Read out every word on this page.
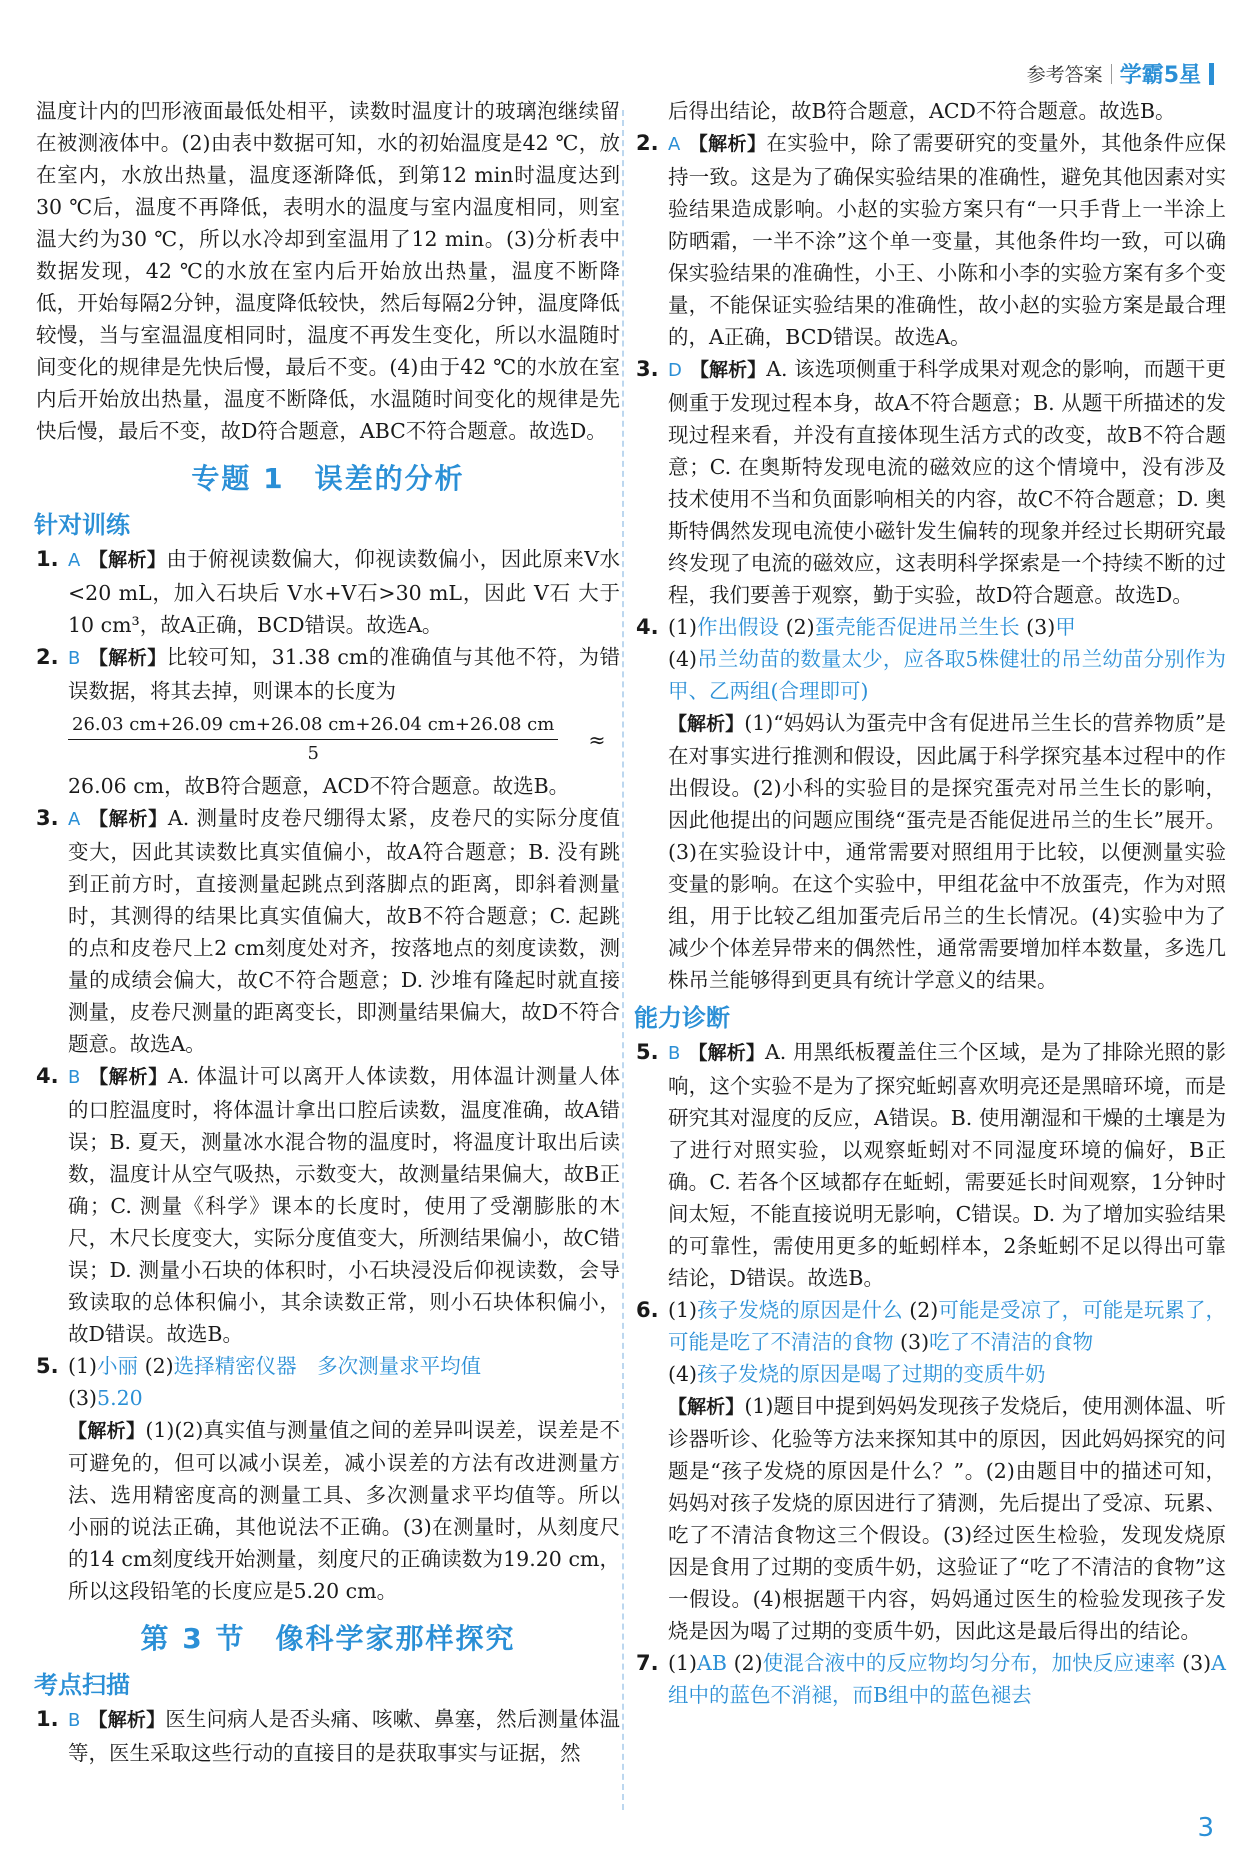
参考答案 学霸5星

温度计内的凹形液面最低处相平，读数时温度计的玻璃泡继续留在被测液体中。(2)由表中数据可知，水的初始温度是42 ℃，放在室内，水放出热量，温度逐渐降低，到第12 min时温度达到30 ℃后，温度不再降低，表明水的温度与室内温度相同，则室温大约为30 ℃，所以水冷却到室温用了12 min。(3)分析表中数据发现，42 ℃的水放在室内后开始放出热量，温度不断降低，开始每隔2分钟，温度降低较快，然后每隔2分钟，温度降低较慢，当与室温温度相同时，温度不再发生变化，所以水温随时间变化的规律是先快后慢，最后不变。(4)由于42 ℃的水放在室内后开始放出热量，温度不断降低，水温随时间变化的规律是先快后慢，最后不变，故D符合题意，ABC不符合题意。故选D。

专题 1　误差的分析
针对训练
1. A 【解析】由于俯视读数偏大，仰视读数偏小，因此原来V水<20 mL，加入石块后 V水+V石>30 mL，因此 V石 大于10 cm³，故A正确，BCD错误。故选A。
2. B 【解析】比较可知，31.38 cm的准确值与其他不符，为错误数据，将其去掉，则课本的长度为
$\frac{26.03 cm+26.09 cm+26.08 cm+26.04 cm+26.08 cm}{5}$ ≈

26.06 cm，故B符合题意，ACD不符合题意。故选B。

3. A 【解析】A. 测量时皮卷尺绷得太紧，皮卷尺的实际分度值变大，因此其读数比真实值偏小，故A符合题意；B. 没有跳到正前方时，直接测量起跳点到落脚点的距离，即斜着测量时，其测得的结果比真实值偏大，故B不符合题意；C. 起跳的点和皮卷尺上2 cm刻度处对齐，按落地点的刻度读数，测量的成绩会偏大，故C不符合题意；D. 沙堆有隆起时就直接测量，皮卷尺测量的距离变长，即测量结果偏大，故D不符合题意。故选A。
4. B 【解析】A. 体温计可以离开人体读数，用体温计测量人体的口腔温度时，将体温计拿出口腔后读数，温度准确，故A错误；B. 夏天，测量冰水混合物的温度时，将温度计取出后读数，温度计从空气吸热，示数变大，故测量结果偏大，故B正确；C. 测量《科学》课本的长度时，使用了受潮膨胀的木尺，木尺长度变大，实际分度值变大，所测结果偏小，故C错误；D. 测量小石块的体积时，小石块浸没后仰视读数，会导致读取的总体积偏小，其余读数正常，则小石块体积偏小，故D错误。故选B。
5. (1)小丽 (2)选择精密仪器　多次测量求平均值
(3)5.20
【解析】(1)(2)真实值与测量值之间的差异叫误差，误差是不可避免的，但可以减小误差，减小误差的方法有改进测量方法、选用精密度高的测量工具、多次测量求平均值等。所以小丽的说法正确，其他说法不正确。(3)在测量时，从刻度尺的14 cm刻度线开始测量，刻度尺的正确读数为19.20 cm，所以这段铅笔的长度应是5.20 cm。
第 3 节　像科学家那样探究
考点扫描
1. B 【解析】医生问病人是否头痛、咳嗽、鼻塞，然后测量体温等，医生采取这些行动的直接目的是获取事实与证据，然

后得出结论，故B符合题意，ACD不符合题意。故选B。

2. A 【解析】在实验中，除了需要研究的变量外，其他条件应保持一致。这是为了确保实验结果的准确性，避免其他因素对实验结果造成影响。小赵的实验方案只有“一只手背上一半涂上防晒霜，一半不涂”这个单一变量，其他条件均一致，可以确保实验结果的准确性，小王、小陈和小李的实验方案有多个变量，不能保证实验结果的准确性，故小赵的实验方案是最合理的，A正确，BCD错误。故选A。
3. D 【解析】A. 该选项侧重于科学成果对观念的影响，而题干更侧重于发现过程本身，故A不符合题意；B. 从题干所描述的发现过程来看，并没有直接体现生活方式的改变，故B不符合题意；C. 在奥斯特发现电流的磁效应的这个情境中，没有涉及技术使用不当和负面影响相关的内容，故C不符合题意；D. 奥斯特偶然发现电流使小磁针发生偏转的现象并经过长期研究最终发现了电流的磁效应，这表明科学探索是一个持续不断的过程，我们要善于观察，勤于实验，故D符合题意。故选D。
4. (1)作出假设 (2)蛋壳能否促进吊兰生长 (3)甲
(4)吊兰幼苗的数量太少，应各取5株健壮的吊兰幼苗分别作为甲、乙两组(合理即可)
【解析】(1)“妈妈认为蛋壳中含有促进吊兰生长的营养物质”是在对事实进行推测和假设，因此属于科学探究基本过程中的作出假设。(2)小科的实验目的是探究蛋壳对吊兰生长的影响，因此他提出的问题应围绕“蛋壳是否能促进吊兰的生长”展开。(3)在实验设计中，通常需要对照组用于比较，以便测量实验变量的影响。在这个实验中，甲组花盆中不放蛋壳，作为对照组，用于比较乙组加蛋壳后吊兰的生长情况。(4)实验中为了减少个体差异带来的偶然性，通常需要增加样本数量，多选几株吊兰能够得到更具有统计学意义的结果。
能力诊断
5. B 【解析】A. 用黑纸板覆盖住三个区域，是为了排除光照的影响，这个实验不是为了探究蚯蚓喜欢明亮还是黑暗环境，而是研究其对湿度的反应，A错误。B. 使用潮湿和干燥的土壤是为了进行对照实验，以观察蚯蚓对不同湿度环境的偏好，B正确。C. 若各个区域都存在蚯蚓，需要延长时间观察，1分钟时间太短，不能直接说明无影响，C错误。D. 为了增加实验结果的可靠性，需使用更多的蚯蚓样本，2条蚯蚓不足以得出可靠结论，D错误。故选B。
6. (1)孩子发烧的原因是什么 (2)可能是受凉了，可能是玩累了，可能是吃了不清洁的食物 (3)吃了不清洁的食物
(4)孩子发烧的原因是喝了过期的变质牛奶
【解析】(1)题目中提到妈妈发现孩子发烧后，使用测体温、听诊器听诊、化验等方法来探知其中的原因，因此妈妈探究的问题是“孩子发烧的原因是什么？”。(2)由题目中的描述可知，妈妈对孩子发烧的原因进行了猜测，先后提出了受凉、玩累、吃了不清洁食物这三个假设。(3)经过医生检验，发现发烧原因是食用了过期的变质牛奶，这验证了“吃了不清洁的食物”这一假设。(4)根据题干内容，妈妈通过医生的检验发现孩子发烧是因为喝了过期的变质牛奶，因此这是最后得出的结论。
7. (1)AB (2)使混合液中的反应物均匀分布，加快反应速率 (3)A组中的蓝色不消褪，而B组中的蓝色褪去
3
